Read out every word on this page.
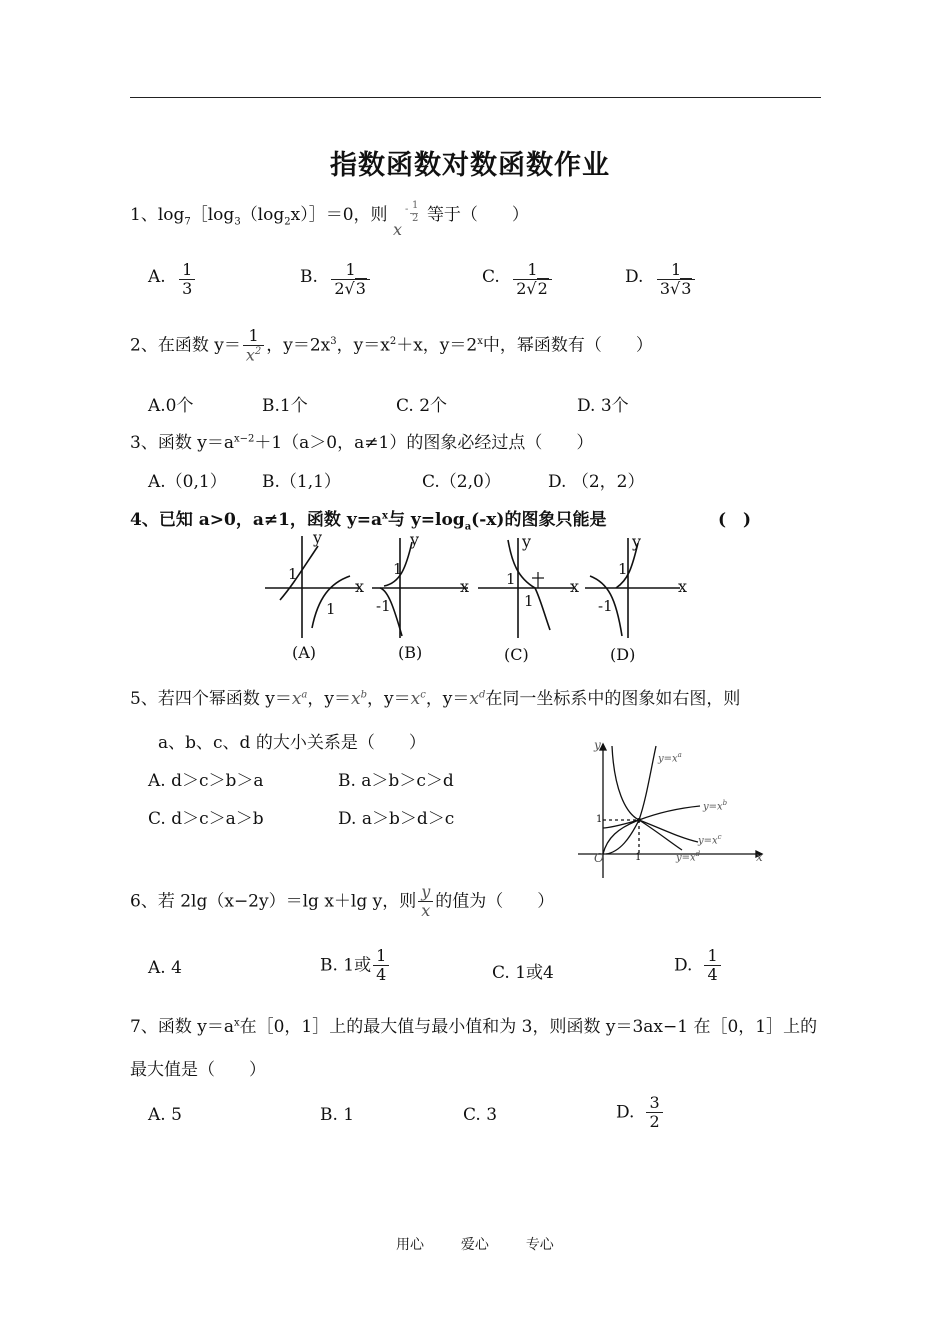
指数函数对数函数作业
1、$\log_7[\log_3(\log_2x)]=0$，则
x
- 1
2 等于（　　）
A. $\frac{1}{3}$	B. $\frac{1}{2√3}$	C. $\frac{1}{2√2}$	D. $\frac{1}{3√3}$
2、在函数 $y= \frac{1}{x^2}$ ，$y=2x^3$，$y=x^2+x$，$y=2^x$中，幂函数有（　　）
A.0个	B.1个	C. 2个	D. 3个
3、函数 $y=a^{x-2}+1(a>0$，a≠1）的图象必经过点（　　）
A.（0,1） B.（1,1）	C.（2,0）	D. （2，2）
4、已知 a>0，a≠1，函数 $y=a^x$与 $y=\log_a(-x)$的图象只能是	(　)
y
x
1
1
(A)
y
x
1
-1
(B)
y
x
1
1
(C)
y
x
1
-1
(D)
5、若四个幂函数 $y=x^a$，$y=x^b$，$y=x^c$，$y=x^d$在同一坐标系中的图象如右图，则
a、b、c、d 的大小关系是（　　）
A. d＞c＞b＞a	B. a＞b＞c＞d
C. d＞c＞a＞b	D. a＞b＞d＞c
y
x
O	1
1
$y=x^a$
$y=x^b$
$y=x^c$
$y=x^d$
6、若 2lg（x−2y）＝lg x＋lg y，则 $\frac{y}{x}$ 的值为（　　）
A. 4	B. 1或 $\frac{1}{4}$	C. 1或4	D. $\frac{1}{4}$
7、函数 $y=a^x$在［0，1］上的最大值与最小值和为 3，则函数 y＝3ax−1 在［0，1］上的
最大值是（　　）
A. 5	B. 1	C. 3	D. $\frac{3}{2}$
用心	爱心	专心
